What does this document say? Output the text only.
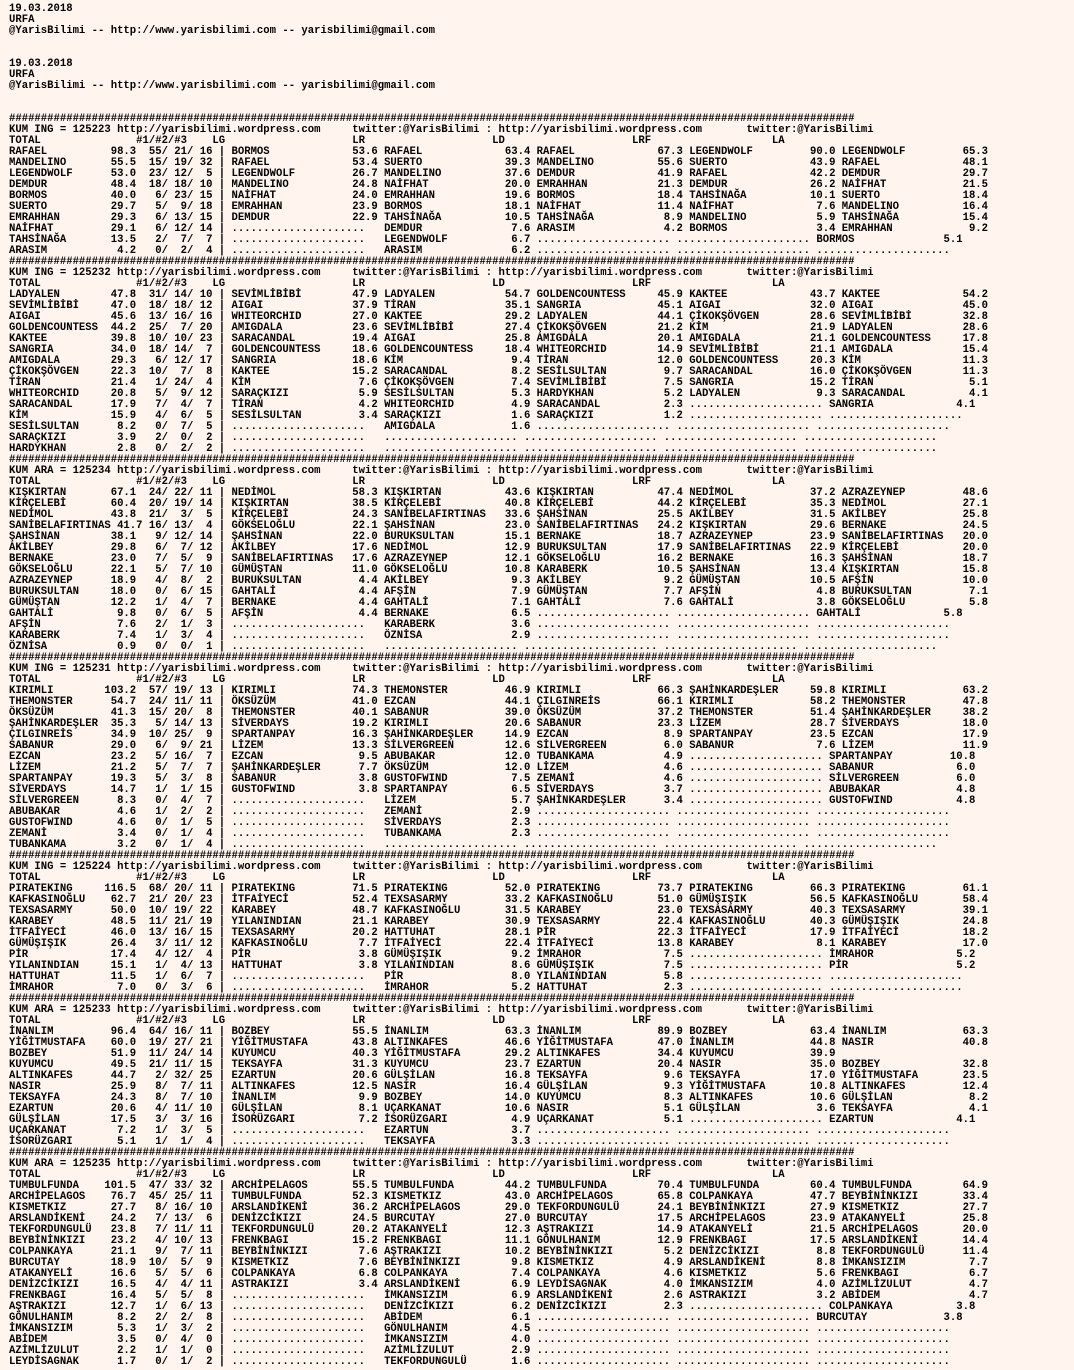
19.03.2018
URFA
@YarisBilimi -- http://www.yarisbilimi.com -- yarisbilimi@gmail.com

19.03.2018
URFA
@YarisBilimi -- http://www.yarisbilimi.com -- yarisbilimi@gmail.com

#####################################################################################################################################
KUM ING = 125223 http://yarisbilimi.wordpress.com     twitter:@YarisBilimi : http://yarisbilimi.wordpress.com       twitter:@YarisBilimi
TOTAL               #1/#2/#3    LG                    LR                    LD                    LRF                   LA
RAFAEL          98.3  55/ 21/ 16 | BORMOS             53.6 RAFAEL             63.4 RAFAEL             67.3 LEGENDWOLF         90.0 LEGENDWOLF         65.3
MANDELINO       55.5  15/ 19/ 32 | RAFAEL             53.4 SUERTO             39.3 MANDELINO          55.6 SUERTO             43.9 RAFAEL             48.1
LEGENDWOLF      53.0  23/ 12/  5 | LEGENDWOLF         26.7 MANDELINO          37.6 DEMDUR             41.9 RAFAEL             42.2 DEMDUR             29.7
DEMDUR          48.4  18/ 18/ 10 | MANDELINO          24.8 NAİFHAT            20.0 EMRAHHAN           21.3 DEMDUR             26.2 NAİFHAT            21.5
BORMOS          40.0   6/ 23/ 15 | NAİFHAT            24.0 EMRAHHAN           19.6 BORMOS             18.4 TAHSİNAĞA          10.1 SUERTO             18.4
SUERTO          29.7   5/  9/ 18 | EMRAHHAN           23.9 BORMOS             18.1 NAİFHAT            11.4 NAİFHAT             7.6 MANDELINO          16.4
EMRAHHAN        29.3   6/ 13/ 15 | DEMDUR             22.9 TAHSİNAĞA          10.5 TAHSİNAĞA           8.9 MANDELINO           5.9 TAHSİNAĞA          15.4
NAİFHAT         29.1   6/ 12/ 14 | .....................   DEMDUR              7.6 ARASIM              4.2 BORMOS              3.4 EMRAHHAN            9.2
TAHSİNAĞA       13.5   2/  7/  7 | .....................   LEGENDWOLF          6.7 ..................... ..................... BORMOS              5.1
ARASIM           4.2   0/  2/  4 | .....................   ARASIM              6.2 ..................... ..................... .....................
#####################################################################################################################################
KUM ING = 125232 http://yarisbilimi.wordpress.com     twitter:@YarisBilimi : http://yarisbilimi.wordpress.com       twitter:@YarisBilimi
TOTAL               #1/#2/#3    LG                    LR                    LD                    LRF                   LA
LADYALEN        47.8  31/ 14/ 10 | SEVİMLİBİBİ        47.9 LADYALEN           54.7 GOLDENCOUNTESS     45.9 KAKTEE             43.7 KAKTEE             54.2
SEVİMLİBİBİ     47.0  18/ 18/ 12 | AIGAI              37.9 TİRAN              35.1 SANGRIA            45.1 AIGAI              32.0 AIGAI              45.0
AIGAI           45.6  13/ 16/ 16 | WHITEORCHID        27.0 KAKTEE             29.2 LADYALEN           44.1 ÇİKOKŞÖVGEN        28.6 SEVİMLİBİBİ        32.8
GOLDENCOUNTESS  44.2  25/  7/ 20 | AMIGDALA           23.6 SEVİMLİBİBİ        27.4 ÇİKOKŞÖVGEN        21.2 KİM                21.9 LADYALEN           28.6
KAKTEE          39.8  10/ 10/ 23 | SARACANDAL         19.4 AIGAI              25.8 AMIGDALA           20.1 AMIGDALA           21.1 GOLDENCOUNTESS     17.8
SANGRIA         34.0  18/ 14/  7 | GOLDENCOUNTESS     18.6 GOLDENCOUNTESS     18.4 WHITEORCHID        14.9 SEVİMLİBİBİ        21.1 AMIGDALA           15.4
AMIGDALA        29.3   6/ 12/ 17 | SANGRIA            18.6 KİM                 9.4 TİRAN              12.0 GOLDENCOUNTESS     20.3 KİM                11.3
ÇİKOKŞÖVGEN     22.3  10/  7/  8 | KAKTEE             15.2 SARACANDAL          8.2 SESİLSULTAN         9.7 SARACANDAL         16.0 ÇİKOKŞÖVGEN        11.3
TİRAN           21.4   1/ 24/  4 | KİM                 7.6 ÇİKOKŞÖVGEN         7.4 SEVİMLİBİBİ         7.5 SANGRIA            15.2 TİRAN               5.1
WHITEORCHID     20.8   5/  9/ 12 | SARAÇKIZI           5.9 SESİLSULTAN         5.3 HARDYKHAN           5.2 LADYALEN            9.3 SARACANDAL          4.1
SARACANDAL      17.9   7/  4/  7 | TİRAN               4.2 WHITEORCHID         4.9 SARACANDAL          2.3 ..................... SANGRIA             4.1
KİM             15.9   4/  6/  5 | SESİLSULTAN         3.4 SARAÇKIZI           1.6 SARAÇKIZI           1.2 ..................... .....................
SESİLSULTAN      8.2   0/  7/  5 | .....................   AMIGDALA            1.6 ..................... ..................... .....................
SARAÇKIZI        3.9   2/  0/  2 | .....................   ..................... ..................... ..................... .....................
HARDYKHAN        2.8   0/  2/  2 | .....................   ..................... ..................... ..................... .....................
#####################################################################################################################################
KUM ARA = 125234 http://yarisbilimi.wordpress.com     twitter:@YarisBilimi : http://yarisbilimi.wordpress.com       twitter:@YarisBilimi
TOTAL               #1/#2/#3    LG                    LR                    LD                    LRF                   LA
KIŞKIRTAN       67.1  24/ 22/ 11 | NEDİMOL            58.3 KIŞKIRTAN          43.6 KIŞKIRTAN          47.4 NEDİMOL            37.2 AZRAZEYNEP         48.6
KİRÇELEBİ       60.4  20/ 19/ 14 | KIŞKIRTAN          38.5 KİRÇELEBİ          40.8 KİRÇELEBİ          44.2 KİRÇELEBİ          35.3 NEDİMOL            27.1
NEDİMOL         43.8  21/  3/  5 | KİRÇELEBİ          24.3 SANİBELAFIRTINAS   33.6 ŞAHSİNAN           25.5 AKİLBEY            31.5 AKİLBEY            25.8
SANİBELAFIRTINAS 41.7 16/ 13/  4 | GÖKSELOĞLU         22.1 ŞAHSİNAN           23.0 SANİBELAFIRTINAS   24.2 KIŞKIRTAN          29.6 BERNAKE            24.5
ŞAHSİNAN        38.1   9/ 12/ 14 | ŞAHSİNAN           22.0 BURUKSULTAN        15.1 BERNAKE            18.7 AZRAZEYNEP         23.9 SANİBELAFIRTINAS   20.0
AKİLBEY         29.8   6/  7/ 12 | AKİLBEY            17.6 NEDİMOL            12.9 BURUKSULTAN        17.9 SANİBELAFIRTINAS   22.9 KİRÇELEBİ          20.0
BERNAKE         23.0   7/  5/  9 | SANİBELAFIRTINAS   17.6 AZRAZEYNEP         12.1 GÖKSELOĞLU         16.2 BERNAKE            16.3 ŞAHSİNAN           18.7
GÖKSELOĞLU      22.1   5/  7/ 10 | GÜMÜŞTAN           11.0 GÖKSELOĞLU         10.8 KARABERK           10.5 ŞAHSİNAN           13.4 KIŞKIRTAN          15.8
AZRAZEYNEP      18.9   4/  8/  2 | BURUKSULTAN         4.4 AKİLBEY             9.3 AKİLBEY             9.2 GÜMÜŞTAN           10.5 AFŞİN              10.0
BURUKSULTAN     18.0   0/  6/ 15 | GAHTALİ             4.4 AFŞİN               7.9 GÜMÜŞTAN            7.7 AFŞİN               4.8 BURUKSULTAN         7.1
GÜMÜŞTAN        12.2   1/  4/  7 | BERNAKE             4.4 GAHTALİ             7.1 GAHTALİ             7.6 GAHTALİ             3.8 GÖKSELOĞLU          5.8
GAHTALİ          9.8   0/  6/  5 | AFŞİN               4.4 BERNAKE             6.5 ..................... ..................... GAHTALİ             5.8
AFŞİN            7.6   2/  1/  3 | .....................   KARABERK            3.6 ..................... ..................... .....................
KARABERK         7.4   1/  3/  4 | .....................   ÖZNİSA              2.9 ..................... ..................... .....................
ÖZNİSA           0.9   0/  0/  1 | .....................   ..................... ..................... ..................... .....................
#####################################################################################################################################
KUM ING = 125231 http://yarisbilimi.wordpress.com     twitter:@YarisBilimi : http://yarisbilimi.wordpress.com       twitter:@YarisBilimi
TOTAL               #1/#2/#3    LG                    LR                    LD                    LRF                   LA
KIRIMLI        103.2  57/ 19/ 13 | KIRIMLI            74.3 THEMONSTER         46.9 KIRIMLI            66.3 ŞAHİNKARDEŞLER     59.8 KIRIMLI            63.2
THEMONSTER      54.7  24/ 11/ 11 | ÖKSÜZÜM            41.0 EZCAN              44.1 ÇILGINREİS         66.1 KIRIMLI            58.2 THEMONSTER         47.8
ÖKSÜZÜM         41.3  15/ 20/  8 | THEMONSTER         40.1 SABANUR            39.0 ÖKSÜZÜM            37.2 THEMONSTER         51.4 ŞAHİNKARDEŞLER     38.2
ŞAHİNKARDEŞLER  35.3   5/ 14/ 13 | SİVERDAYS          19.2 KIRIMLI            20.6 SABANUR            23.3 LİZEM              28.7 SİVERDAYS          18.0
ÇILGINREİS      34.9  10/ 25/  9 | SPARTANPAY         16.3 ŞAHİNKARDEŞLER     14.9 EZCAN               8.9 SPARTANPAY         23.5 EZCAN              17.9
SABANUR         29.0   6/  9/ 21 | LİZEM              13.3 SİLVERGREEN        12.6 SİLVERGREEN         6.0 SABANUR             7.6 LİZEM              11.9
EZCAN           23.2   5/ 16/  7 | EZCAN               9.5 ABUBAKAR           12.0 TUBANKAMA           4.9 ..................... SPARTANPAY         10.8
LİZEM           21.2   5/  7/  7 | ŞAHİNKARDEŞLER      7.7 ÖKSÜZÜM            12.0 LİZEM               4.6 ..................... SABANUR             6.0
SPARTANPAY      19.3   5/  3/  8 | SABANUR             3.8 GUSTOFWIND          7.5 ZEMANİ              4.6 ..................... SİLVERGREEN         6.0
SİVERDAYS       14.7   1/  1/ 15 | GUSTOFWIND          3.8 SPARTANPAY          6.5 SİVERDAYS           3.7 ..................... ABUBAKAR            4.8
SİLVERGREEN      8.3   0/  4/  7 | .....................   LİZEM               5.7 ŞAHİNKARDEŞLER      3.4 ..................... GUSTOFWIND          4.8
ABUBAKAR         4.6   1/  2/  2 | .....................   ZEMANİ              2.9 ..................... ..................... .....................
GUSTOFWIND       4.6   0/  1/  5 | .....................   SİVERDAYS           2.3 ..................... ..................... .....................
ZEMANİ           3.4   0/  1/  4 | .....................   TUBANKAMA           2.3 ..................... ..................... .....................
TUBANKAMA        3.2   0/  1/  4 | .....................   ..................... ..................... ..................... .....................
#####################################################################################################################################
KUM ING = 125224 http://yarisbilimi.wordpress.com     twitter:@YarisBilimi : http://yarisbilimi.wordpress.com       twitter:@YarisBilimi
TOTAL               #1/#2/#3    LG                    LR                    LD                    LRF                   LA
PIRATEKING     116.5  68/ 20/ 11 | PIRATEKING         71.5 PIRATEKING         52.0 PIRATEKING         73.7 PIRATEKING         66.3 PIRATEKING         61.1
KAFKASINOĞLU    62.7  21/ 20/ 23 | İTFAİYECİ          52.4 TEXSASARMY         33.2 KAFKASINOĞLU       51.0 GÜMÜŞIŞIK          56.5 KAFKASINOĞLU       58.4
TEXSASARMY      50.0  10/ 19/ 22 | KARABEY            48.7 KAFKASINOĞLU       31.5 KARABEY            23.0 TEXSASARMY         40.3 TEXSASARMY         39.1
KARABEY         48.5  11/ 21/ 19 | YILANINDIAN        21.1 KARABEY            30.9 TEXSASARMY         22.4 KAFKASINOĞLU       40.3 GÜMÜŞIŞIK          24.8
İTFAİYECİ       46.0  13/ 16/ 15 | TEXSASARMY         20.2 HATTUHAT           28.1 PİR                22.3 İTFAİYECİ          17.9 İTFAİYECİ          18.2
GÜMÜŞIŞIK       26.4   3/ 11/ 12 | KAFKASINOĞLU        7.7 İTFAİYECİ          22.4 İTFAİYECİ          13.8 KARABEY             8.1 KARABEY            17.0
PİR             17.4   4/ 12/  4 | PİR                 3.8 GÜMÜŞIŞIK           9.2 İMRAHOR             7.5 ..................... İMRAHOR             5.2
YILANINDIAN     15.1   1/  4/ 13 | HATTUHAT            3.8 YILANINDIAN         8.6 GÜMÜŞIŞIK           7.5 ..................... PİR                 5.2
HATTUHAT        11.5   1/  6/  7 | .....................   PİR                 8.0 YILANINDIAN         5.8 ..................... .....................
İMRAHOR          7.0   0/  3/  6 | .....................   İMRAHOR             5.2 HATTUHAT            2.3 ..................... .....................
#####################################################################################################################################
KUM ARA = 125233 http://yarisbilimi.wordpress.com     twitter:@YarisBilimi : http://yarisbilimi.wordpress.com       twitter:@YarisBilimi
TOTAL               #1/#2/#3    LG                    LR                    LD                    LRF                   LA
İNANLIM         96.4  64/ 16/ 11 | BOZBEY             55.5 İNANLIM            63.3 İNANLIM            89.9 BOZBEY             63.4 İNANLIM            63.3
YİĞİTMUSTAFA    60.0  19/ 27/ 21 | YİĞİTMUSTAFA       43.8 ALTINKAFES         46.6 YİĞİTMUSTAFA       47.0 İNANLIM            44.8 NASIR              40.8
BOZBEY          51.9  11/ 24/ 14 | KUYUMCU            40.3 YİĞİTMUSTAFA       29.2 ALTINKAFES         34.4 KUYUMCU            39.9
KUYUMCU         49.5  21/ 11/ 15 | TEKSAYFA           31.3 KUYUMCU            23.7 EZARTUN            20.4 NASIR              35.0 BOZBEY             32.8
ALTINKAFES      44.7   2/ 32/ 25 | EZARTUN            20.6 GÜLŞİLAN           16.8 TEKSAYFA            9.6 TEKSAYFA           17.0 YİĞİTMUSTAFA       23.5
NASIR           25.9   8/  7/ 11 | ALTINKAFES         12.5 NASIR              16.4 GÜLŞİLAN            9.3 YİĞİTMUSTAFA       10.8 ALTINKAFES         12.4
TEKSAYFA        24.3   8/  7/ 10 | İNANLIM             9.9 BOZBEY             14.0 KUYUMCU             8.3 ALTINKAFES         10.6 GÜLŞİLAN            8.2
EZARTUN         20.6   4/ 11/ 10 | GÜLŞİLAN            8.1 UÇARKANAT          10.6 NASIR               5.1 GÜLŞİLAN            3.6 TEKSAYFA            4.1
GÜLŞİLAN        17.5   3/  3/ 16 | İSORÜZGARI          7.2 İSORÜZGARI          4.9 UÇARKANAT           5.1 ..................... EZARTUN             4.1
UÇARKANAT        7.2   1/  3/  5 | .....................   EZARTUN             3.7 ..................... ..................... .....................
İSORÜZGARI       5.1   1/  1/  4 | .....................   TEKSAYFA            3.3 ..................... ..................... .....................
#####################################################################################################################################
KUM ARA = 125235 http://yarisbilimi.wordpress.com     twitter:@YarisBilimi : http://yarisbilimi.wordpress.com       twitter:@YarisBilimi
TOTAL               #1/#2/#3    LG                    LR                    LD                    LRF                   LA
TUMBULFUNDA    101.5  47/ 33/ 32 | ARCHİPELAGOS       55.5 TUMBULFUNDA        44.2 TUMBULFUNDA        70.4 TUMBULFUNDA        60.4 TUMBULFUNDA        64.9
ARCHİPELAGOS    76.7  45/ 25/ 11 | TUMBULFUNDA        52.3 KISMETKIZ          43.0 ARCHİPELAGOS       65.8 COLPANKAYA         47.7 BEYBİNİNKIZI       33.4
KISMETKIZ       27.7   8/ 16/ 10 | ARSLANDİKENİ       36.2 ARCHİPELAGOS       29.0 TEKFORDUNGULÜ      24.1 BEYBİNİNKIZI       27.9 KISMETKIZ          27.7
ARSLANDİKENİ    24.2   7/ 13/  6 | DENİZCİKIZI        24.5 BURCUTAY           27.0 BURCUTAY           17.5 ARCHİPELAGOS       23.9 ATAKANYELİ         25.8
TEKFORDUNGULÜ   23.8   7/ 11/ 11 | TEKFORDUNGULÜ      20.2 ATAKANYELİ         12.3 AŞTRAKIZI          14.9 ATAKANYELİ         21.5 ARCHİPELAGOS       20.0
BEYBİNİNKIZI    23.2   4/ 10/ 13 | FRENKBAGI          15.2 FRENKBAGI          11.1 GÖNULHANIM         12.9 FRENKBAGI          17.5 ARSLANDİKENİ       14.4
COLPANKAYA      21.1   9/  7/ 11 | BEYBİNİNKIZI        7.6 AŞTRAKIZI          10.2 BEYBİNİNKIZI        5.2 DENİZCİKIZI         8.8 TEKFORDUNGULÜ      11.4
BURCUTAY        18.9  10/  5/  9 | KISMETKIZ           7.6 BEYBİNİNKIZI        9.8 KISMETKIZ           4.9 ARSLANDİKENİ        8.8 İMKANSIZIM          7.7
ATAKANYELİ      16.6   5/  5/  6 | COLPANKAYA          6.8 COLPANKAYA          7.4 COLPANKAYA          4.6 KISMETKIZ           5.6 FRENKBAGI           6.7
DENİZCİKIZI     16.5   4/  4/ 11 | ASTRAKIZI           3.4 ARSLANDİKENİ        6.9 LEYDİSAGNAK         4.0 İMKANSIZIM          4.0 AZİMLİZULUT         4.7
FRENKBAGI       16.4   5/  5/  8 | .....................   İMKANSIZIM          6.9 ARSLANDİKENİ        2.6 ASTRAKIZI           3.2 ABİDEM              4.7
AŞTRAKIZI       12.7   1/  6/ 13 | .....................   DENİZCİKIZI         6.2 DENİZCİKIZI         2.3 ..................... COLPANKAYA          3.8
GÖNULHANIM       8.2   2/  2/  8 | .....................   ABİDEM              6.1 ..................... ..................... BURCUTAY            3.8
İMKANSIZIM       5.3   1/  3/  2 | .....................   GÖNULHANIM          4.5 ..................... ..................... .....................
ABİDEM           3.5   0/  4/  0 | .....................   İMKANSIZIM          4.0 ..................... ..................... .....................
AZİMLİZULUT      2.2   1/  1/  0 | .....................   AZİMLİZULUT         2.9 ..................... ..................... .....................
LEYDİSAGNAK      1.7   0/  1/  2 | .....................   TEKFORDUNGULÜ       1.6 ..................... ..................... .....................
